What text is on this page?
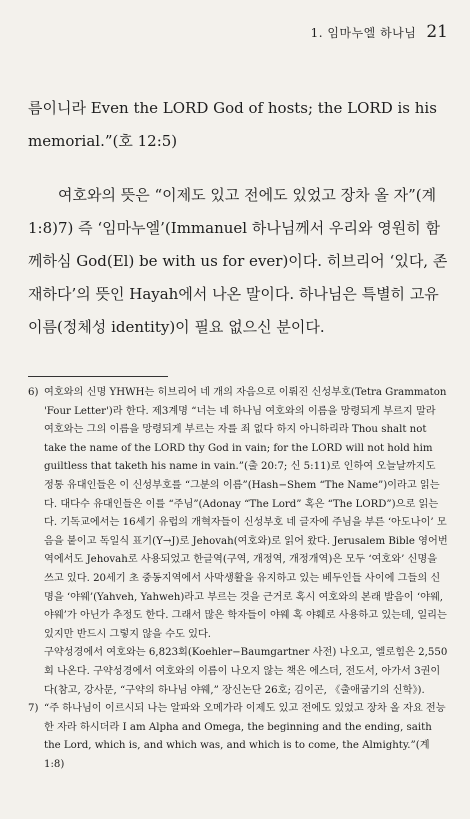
1. 임마누엘 하나님 21

름이니라 Even the LORD God of hosts; the LORD is his memorial.”(호 12:5)

여호와의 뜻은 “이제도 있고 전에도 있었고 장차 올 자”(계 1:8)7) 즉 ‘임마누엘’(Immanuel 하나님께서 우리와 영원히 함께하심 God(El) be with us for ever)이다. 히브리어 ‘있다, 존재하다’의 뜻인 Hayah에서 나온 말이다. 하나님은 특별히 고유 이름(정체성 identity)이 필요 없으신 분이다.

6) 여호와의 신명 YHWH는 히브리어 네 개의 자음으로 이뤄진 신성부호(Tetra Grammaton 'Four Letter')라 한다. 제3계명 “너는 네 하나님 여호와의 이름을 망령되게 부르지 말라 여호와는 그의 이름을 망령되게 부르는 자를 죄 없다 하지 아니하리라 Thou shalt not take the name of the LORD thy God in vain; for the LORD will not hold him guiltless that taketh his name in vain.”(출 20:7; 신 5:11)로 인하여 오늘날까지도 정통 유대인들은 이 신성부호를 “그분의 이름”(Hash−Shem “The Name”)이라고 읽는다. 대다수 유대인들은 이를 “주님”(Adonay “The Lord” 혹은 “The LORD”)으로 읽는다. 기독교에서는 16세기 유럽의 개혁자들이 신성부호 네 글자에 주님을 부른 ‘아도나이’ 모음을 붙이고 독일식 표기(Y→J)로 Jehovah(여호와)로 읽어 왔다. Jerusalem Bible 영어번역에서도 Jehovah로 사용되었고 한글역(구역, 개정역, 개정개역)은 모두 ‘여호와’ 신명을 쓰고 있다. 20세기 초 중동지역에서 사막생활을 유지하고 있는 베두인들 사이에 그들의 신명을 ‘야웨’(Yahveh, Yahweh)라고 부르는 것을 근거로 혹시 여호와의 본래 발음이 ‘야웨, 야웨’가 아닌가 추정도 한다. 그래서 많은 학자들이 야웨 혹 야훼로 사용하고 있는데, 일리는 있지만 반드시 그렇지 않을 수도 있다.

구약성경에서 여호와는 6,823회(Koehler−Baumgartner 사전) 나오고, 엘로힘은 2,550회 나온다. 구약성경에서 여호와의 이름이 나오지 않는 책은 에스더, 전도서, 아가서 3권이다(참고, 강사문, “구약의 하나님 야웨,” 장신논단 26호; 김이곤, 《출애굽기의 신학》).

7) “주 하나님이 이르시되 나는 알파와 오메가라 이제도 있고 전에도 있었고 장차 올 자요 전능한 자라 하시더라 I am Alpha and Omega, the beginning and the ending, saith the Lord, which is, and which was, and which is to come, the Almighty.”(계 1:8)
